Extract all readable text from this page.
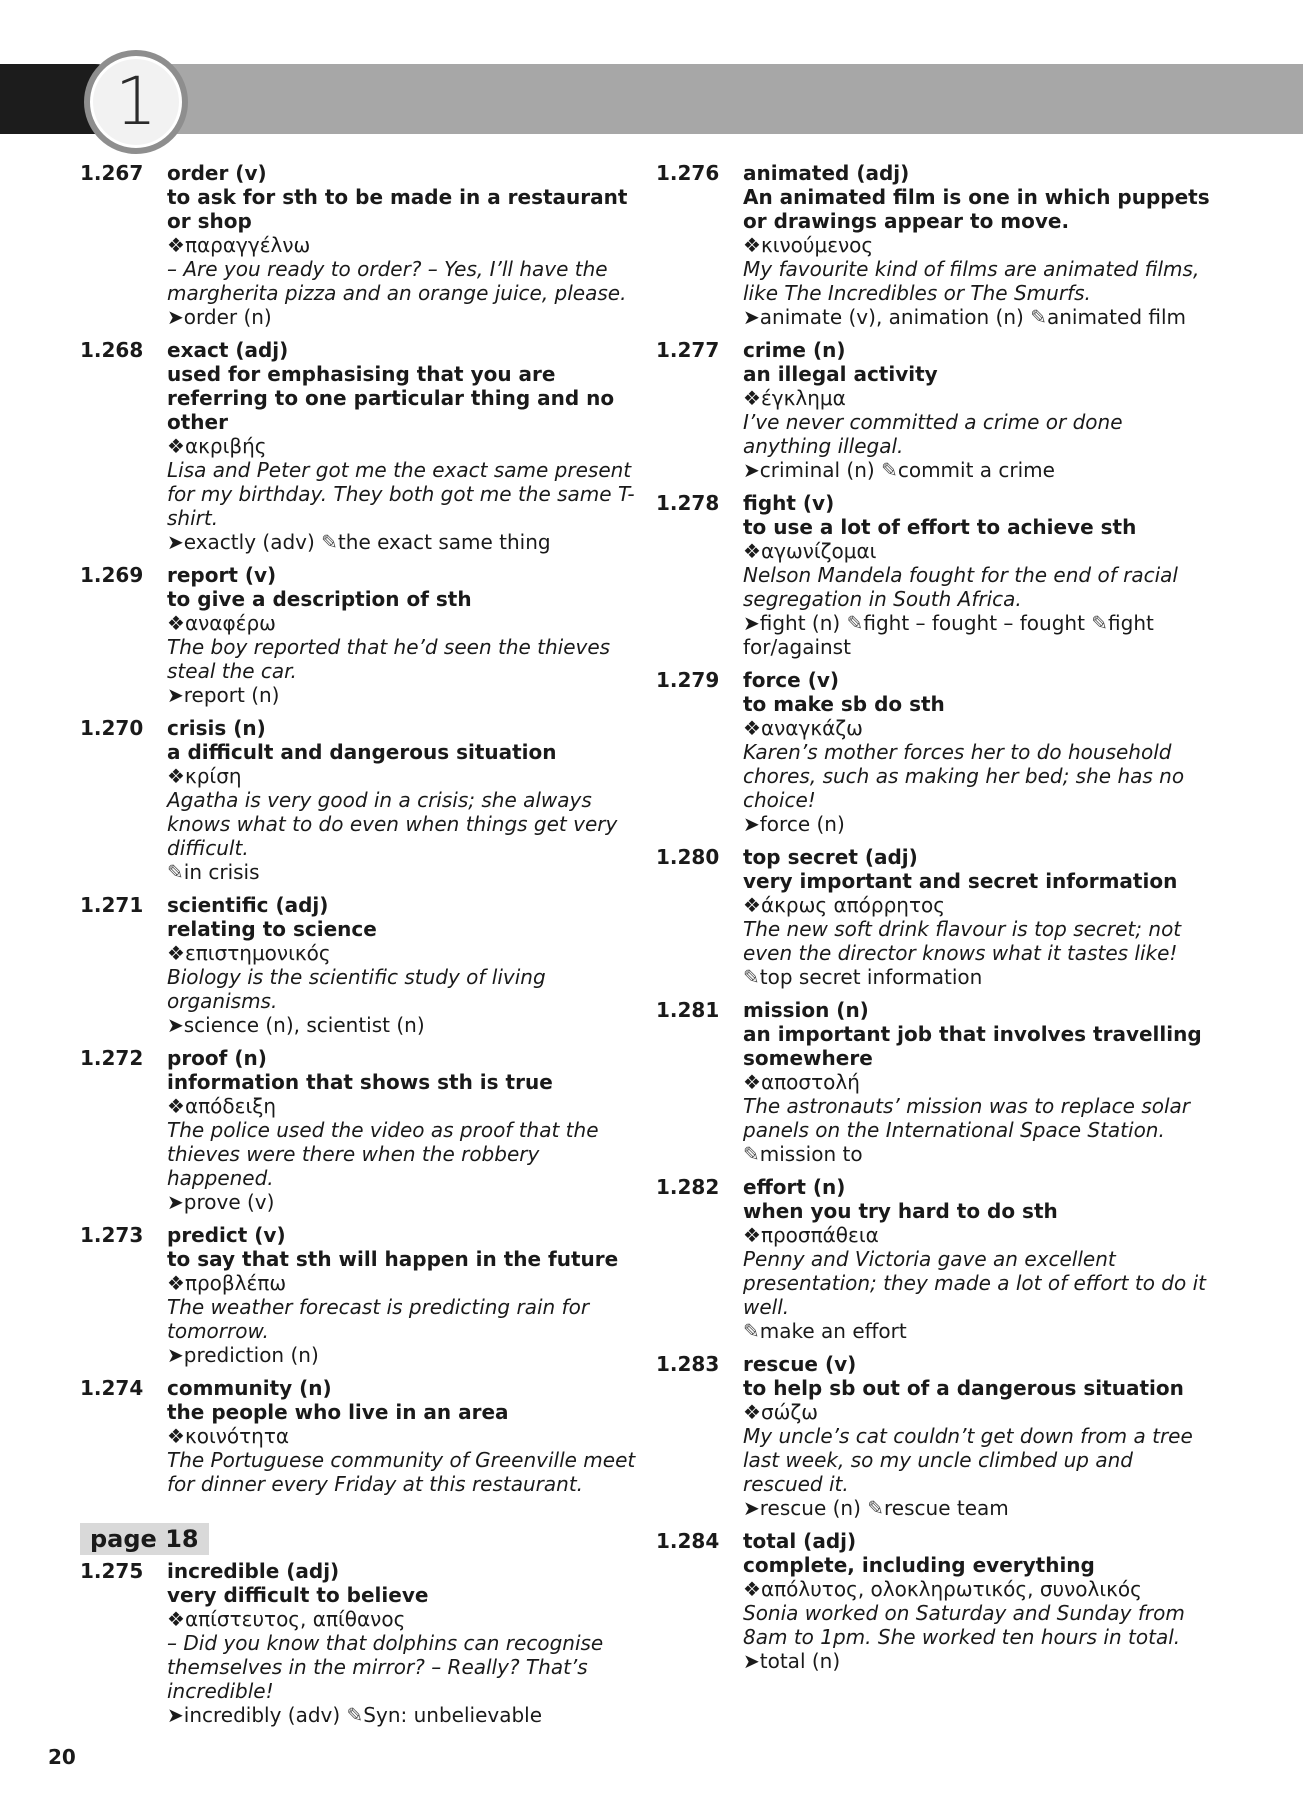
1
1.267	order (v)
to ask for sth to be made in a restaurant or shop
❖ παραγγέλνω
– Are you ready to order? – Yes, I’ll have the margherita pizza and an orange juice, please.
➤ order (n)
1.268	exact (adj)
used for emphasising that you are referring to one particular thing and no other
❖ ακριβής
Lisa and Peter got me the exact same present for my birthday. They both got me the same T-shirt.
➤ exactly (adv) ✎ the exact same thing
1.269	report (v)
to give a description of sth
❖ αναφέρω
The boy reported that he’d seen the thieves steal the car.
➤ report (n)
1.270	crisis (n)
a difficult and dangerous situation
❖ κρίση
Agatha is very good in a crisis; she always knows what to do even when things get very difficult.
✎ in crisis
1.271	scientific (adj)
relating to science
❖ επιστημονικός
Biology is the scientific study of living organisms.
➤ science (n), scientist (n)
1.272	proof (n)
information that shows sth is true
❖ απόδειξη
The police used the video as proof that the thieves were there when the robbery happened.
➤ prove (v)
1.273	predict (v)
to say that sth will happen in the future
❖ προβλέπω
The weather forecast is predicting rain for tomorrow.
➤ prediction (n)
1.274	community (n)
the people who live in an area
❖ κοινότητα
The Portuguese community of Greenville meet for dinner every Friday at this restaurant.
page 18
1.275	incredible (adj)
very difficult to believe
❖ απίστευτος, απίθανος
– Did you know that dolphins can recognise themselves in the mirror? – Really? That’s incredible!
➤ incredibly (adv) ✎ Syn: unbelievable
1.276	animated (adj)
An animated film is one in which puppets or drawings appear to move.
❖ κινούμενος
My favourite kind of films are animated films, like The Incredibles or The Smurfs.
➤ animate (v), animation (n) ✎ animated film
1.277	crime (n)
an illegal activity
❖ έγκλημα
I’ve never committed a crime or done anything illegal.
➤ criminal (n) ✎ commit a crime
1.278	fight (v)
to use a lot of effort to achieve sth
❖ αγωνίζομαι
Nelson Mandela fought for the end of racial segregation in South Africa.
➤ fight (n) ✎ fight – fought – fought ✎ fight for/against
1.279	force (v)
to make sb do sth
❖ αναγκάζω
Karen’s mother forces her to do household chores, such as making her bed; she has no choice!
➤ force (n)
1.280	top secret (adj)
very important and secret information
❖ άκρως απόρρητος
The new soft drink flavour is top secret; not even the director knows what it tastes like!
✎ top secret information
1.281	mission (n)
an important job that involves travelling somewhere
❖ αποστολή
The astronauts’ mission was to replace solar panels on the International Space Station.
✎ mission to
1.282	effort (n)
when you try hard to do sth
❖ προσπάθεια
Penny and Victoria gave an excellent presentation; they made a lot of effort to do it well.
✎ make an effort
1.283	rescue (v)
to help sb out of a dangerous situation
❖ σώζω
My uncle’s cat couldn’t get down from a tree last week, so my uncle climbed up and rescued it.
➤ rescue (n) ✎ rescue team
1.284	total (adj)
complete, including everything
❖ απόλυτος, ολοκληρωτικός, συνολικός
Sonia worked on Saturday and Sunday from 8am to 1pm. She worked ten hours in total.
➤ total (n)
20
